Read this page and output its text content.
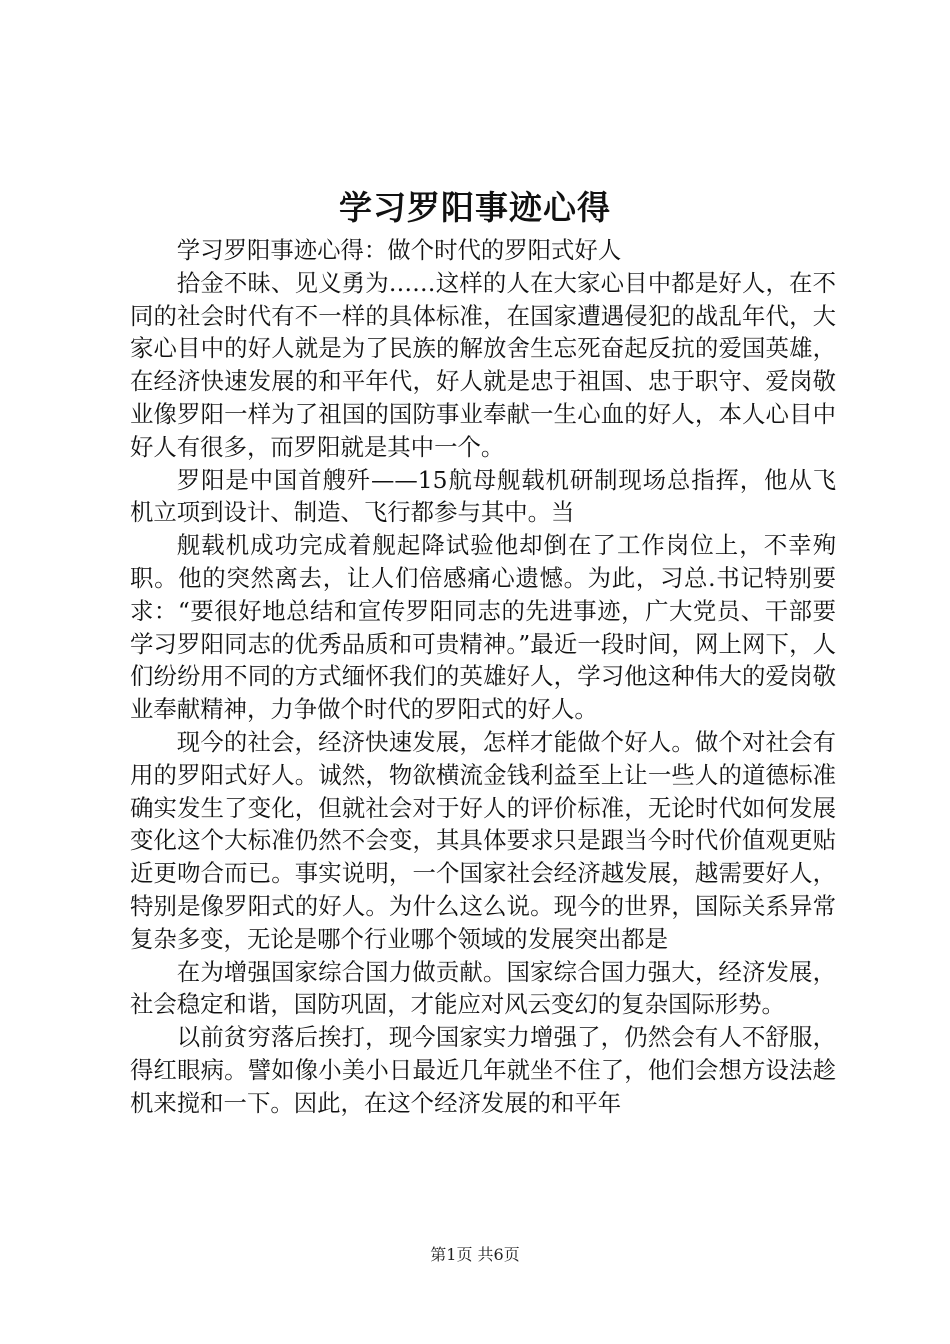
学习罗阳事迹心得

学习罗阳事迹心得：做个时代的罗阳式好人

拾金不昧、见义勇为……这样的人在大家心目中都是好人，在不同的社会时代有不一样的具体标准，在国家遭遇侵犯的战乱年代，大家心目中的好人就是为了民族的解放舍生忘死奋起反抗的爱国英雄，在经济快速发展的和平年代，好人就是忠于祖国、忠于职守、爱岗敬业像罗阳一样为了祖国的国防事业奉献一生心血的好人，本人心目中好人有很多，而罗阳就是其中一个。

罗阳是中国首艘歼——15航母舰载机研制现场总指挥，他从飞机立项到设计、制造、飞行都参与其中。当

舰载机成功完成着舰起降试验他却倒在了工作岗位上，不幸殉职。他的突然离去，让人们倍感痛心遗憾。为此，习总.书记特别要求：“要很好地总结和宣传罗阳同志的先进事迹，广大党员、干部要学习罗阳同志的优秀品质和可贵精神。”最近一段时间，网上网下，人们纷纷用不同的方式缅怀我们的英雄好人，学习他这种伟大的爱岗敬业奉献精神，力争做个时代的罗阳式的好人。

现今的社会，经济快速发展，怎样才能做个好人。做个对社会有用的罗阳式好人。诚然，物欲横流金钱利益至上让一些人的道德标准确实发生了变化，但就社会对于好人的评价标准，无论时代如何发展变化这个大标准仍然不会变，其具体要求只是跟当今时代价值观更贴近更吻合而已。事实说明，一个国家社会经济越发展，越需要好人，特别是像罗阳式的好人。为什么这么说。现今的世界，国际关系异常复杂多变，无论是哪个行业哪个领域的发展突出都是

在为增强国家综合国力做贡献。国家综合国力强大，经济发展，社会稳定和谐，国防巩固，才能应对风云变幻的复杂国际形势。

以前贫穷落后挨打，现今国家实力增强了，仍然会有人不舒服，得红眼病。譬如像小美小日最近几年就坐不住了，他们会想方设法趁机来搅和一下。因此，在这个经济发展的和平年

第1页 共6页
